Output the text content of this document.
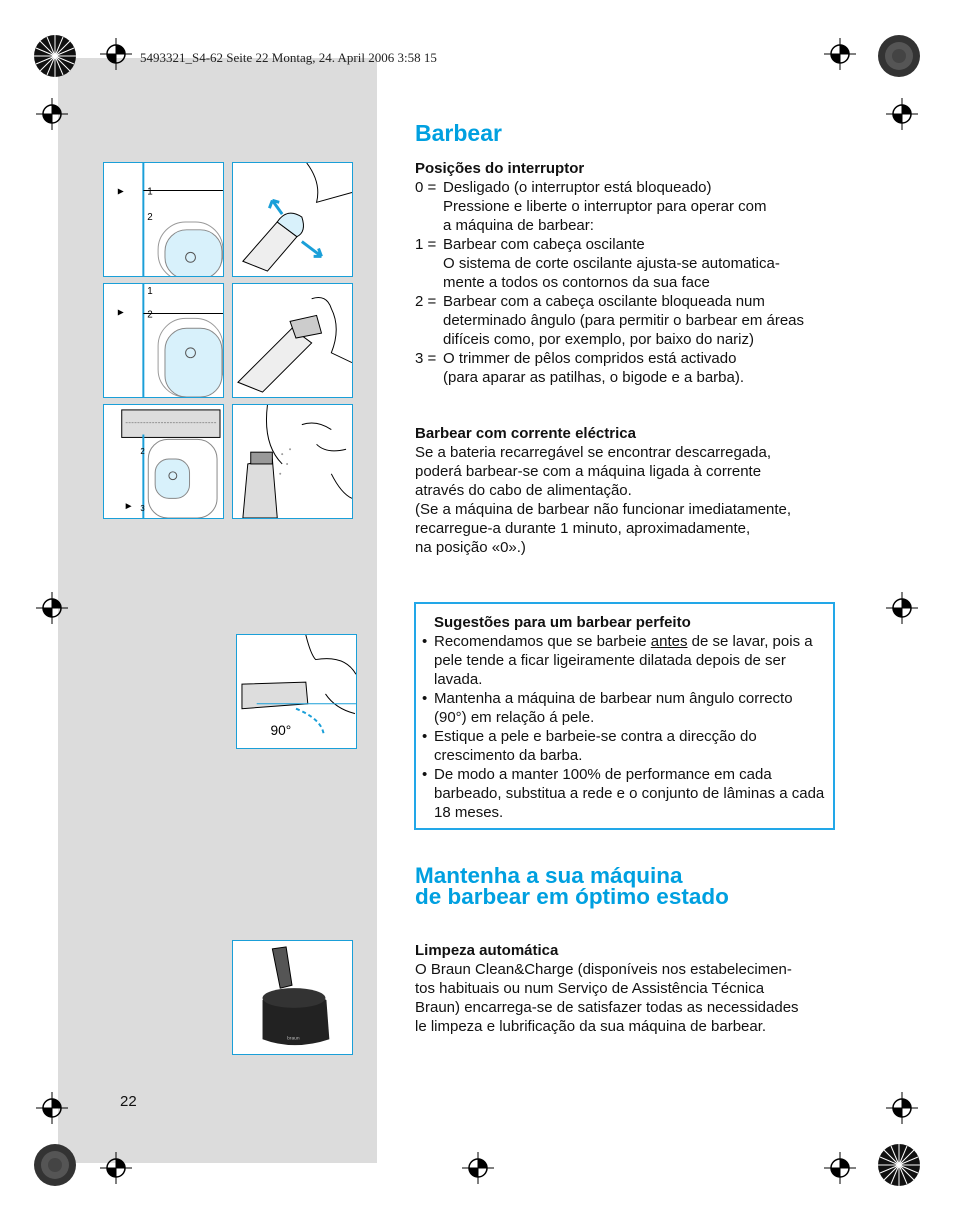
5493321_S4-62 Seite 22 Montag, 24. April 2006 3:58 15
1
2
1
2
2
3
90°
braun
Barbear
Posições do interruptor
0 = Desligado (o interruptor está bloqueado)
Pressione e liberte o interruptor para operar com
a máquina de barbear:
1 = Barbear com cabeça oscilante
O sistema de corte oscilante ajusta-se automatica-
mente a todos os contornos da sua face
2 = Barbear com a cabeça oscilante bloqueada num
determinado ângulo (para permitir o barbear em áreas
difíceis como, por exemplo, por baixo do nariz)
3 = O trimmer de pêlos compridos está activado
(para aparar as patilhas, o bigode e a barba).
Barbear com corrente eléctrica
Se a bateria recarregável se encontrar descarregada,
poderá barbear-se com a máquina ligada à corrente
através do cabo de alimentação.
(Se a máquina de barbear não funcionar imediatamente,
recarregue-a durante 1 minuto, aproximadamente,
na posição «0».)
Sugestões para um barbear perfeito
• Recomendamos que se barbeie antes de se lavar, pois a pele tende a ficar ligeiramente dilatada depois de ser lavada.
• Mantenha a máquina de barbear num ângulo correcto (90°) em relação á pele.
• Estique a pele e barbeie-se contra a direcção do crescimento da barba.
• De modo a manter 100% de performance em cada barbeado, substitua a rede e o conjunto de lâminas a cada 18 meses.
Mantenha a sua máquina
de barbear em óptimo estado
Limpeza automática
O Braun Clean&Charge (disponíveis nos estabelecimen-
tos habituais ou num Serviço de Assistência Técnica
Braun) encarrega-se de satisfazer todas as necessidades
le limpeza e lubrificação da sua máquina de barbear.
22
